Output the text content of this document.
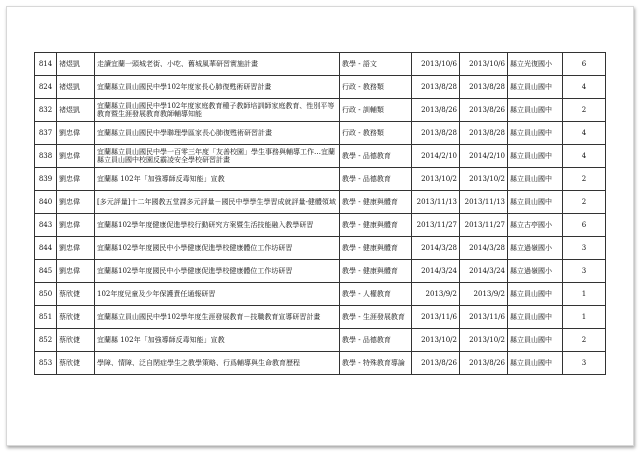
814	褚煜凱	走讀宜蘭一頭城老街、小吃、舊城風華研習實施計畫	教學 - 語文	2013/10/6	2013/10/6	縣立光復國小	6
824	褚煜凱	宜蘭縣立員山國民中學102年度家長心肺復甦術研習計畫	行政 - 教務類	2013/8/28	2013/8/28	縣立員山國中	4
832	褚煜凱	宜蘭縣立員山國民中學102年度家庭教育種子教師培訓師家庭教育、性別平等教育暨生涯發展教育教師輔導知能	行政 - 訓輔類	2013/8/26	2013/8/26	縣立員山國中	2
837	劉忠偉	宜蘭縣立員山國民中學聯理學區家長心肺復甦術研習計畫	行政 - 教務類	2013/8/28	2013/8/28	縣立員山國中	4
838	劉忠偉	宜蘭縣立員山國民中學一百零三年度「友善校園」學生事務與輔導工作…宜蘭縣立員山國中校園反霸凌安全學校研習計畫	教學 - 品德教育	2014/2/10	2014/2/10	縣立員山國中	4
839	劉忠偉	宜蘭縣 102年「加強導師反毒知能」宣教	教學 - 品德教育	2013/10/2	2013/10/2	縣立員山國中	2
840	劉忠偉	[多元評量]十二年國教五堂課多元評量－國民中學學生學習成就評量-健體領域	教學 - 健康與體育	2013/11/13	2013/11/13	縣立員山國中	2
843	劉忠偉	宜蘭縣102學年度健康促進學校行動研究方案暨生活技能融入教學研習	教學 - 健康與體育	2013/11/27	2013/11/27	縣立古亭國小	6
844	劉忠偉	宜蘭縣102學年度國民中小學健康促進學校健康體位工作坊研習	教學 - 健康與體育	2014/3/28	2014/3/28	縣立過嶺國小	3
845	劉忠偉	宜蘭縣102學年度國民中小學健康促進學校健康體位工作坊研習	教學 - 健康與體育	2014/3/24	2014/3/24	縣立過嶺國小	3
850	蔡欣倢	102年度兒童及少年保護責任通報研習	教學 - 人權教育	2013/9/2	2013/9/2	縣立員山國中	1
851	蔡欣倢	宜蘭縣立員山國民中學102學年度生涯發展教育－技職教育宣導研習計畫	教學 - 生涯發展教育	2013/11/6	2013/11/6	縣立員山國中	1
852	蔡欣倢	宜蘭縣 102年「加強導師反毒知能」宣教	教學 - 品德教育	2013/10/2	2013/10/2	縣立員山國中	2
853	蔡欣倢	學障、情障、泛自閉症學生之教學策略、行爲輔導與生命教育歷程	教學 - 特殊教育導論	2013/8/26	2013/8/26	縣立員山國中	3
